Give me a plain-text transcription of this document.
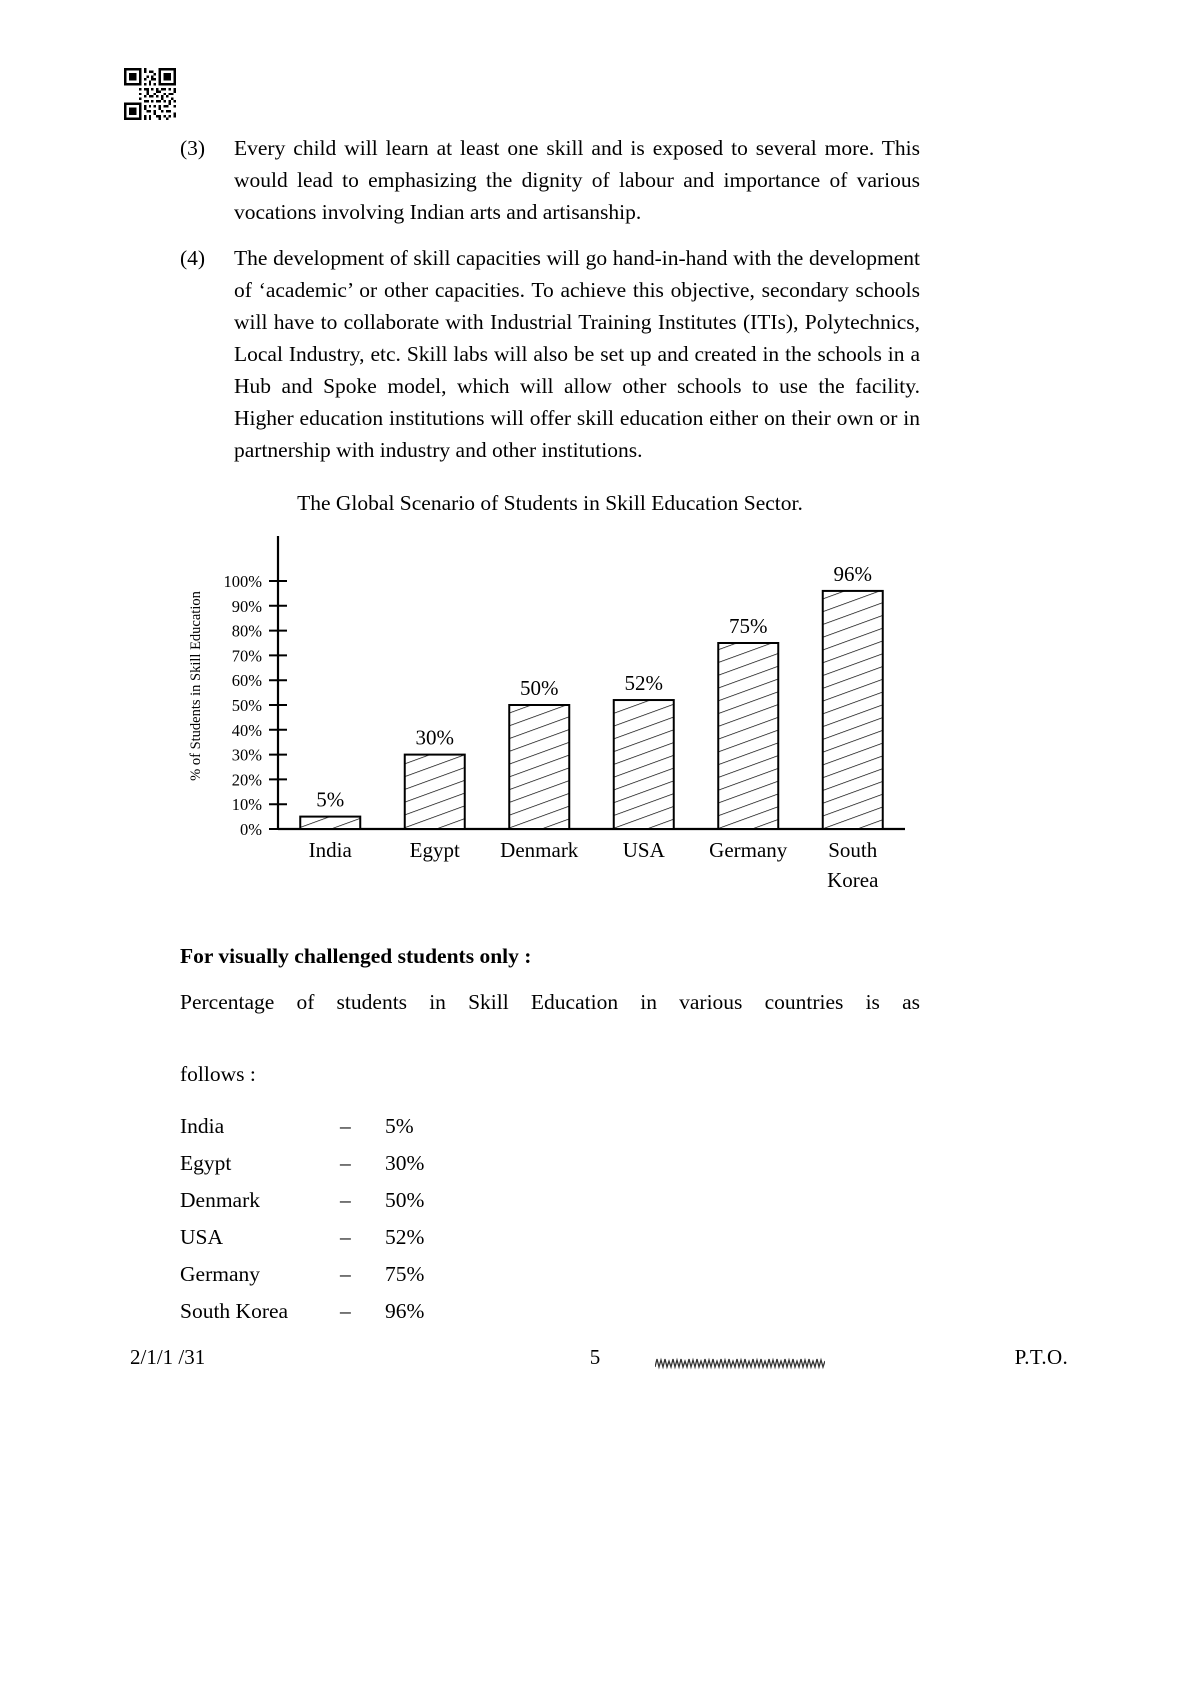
(3)	Every child will learn at least one skill and is exposed to several more. This would lead to emphasizing the dignity of labour and importance of various vocations involving Indian arts and artisanship.
(4)	The development of skill capacities will go hand-in-hand with the development of ‘academic’ or other capacities. To achieve this objective, secondary schools will have to collaborate with Industrial Training Institutes (ITIs), Polytechnics, Local Industry, etc. Skill labs will also be set up and created in the schools in a Hub and Spoke model, which will allow other schools to use the facility. Higher education institutions will offer skill education either on their own or in partnership with industry and other institutions.
The Global Scenario of Students in Skill Education Sector.
% of Students in Skill Education
0%
10%
20%
30%
40%
50%
60%
70%
80%
90%
100%
5%
30%
50%	52%
75%
96%
India	Egypt Denmark USA Germany South
Korea
For visually challenged students only :
Percentage of students in Skill Education in various countries is as
follows :
India	–	5%
Egypt	–	30%
Denmark	–	50%
USA	–	52%
Germany	–	75%
South Korea	–	96%
2/1/1 /31	5	P.T.O.
